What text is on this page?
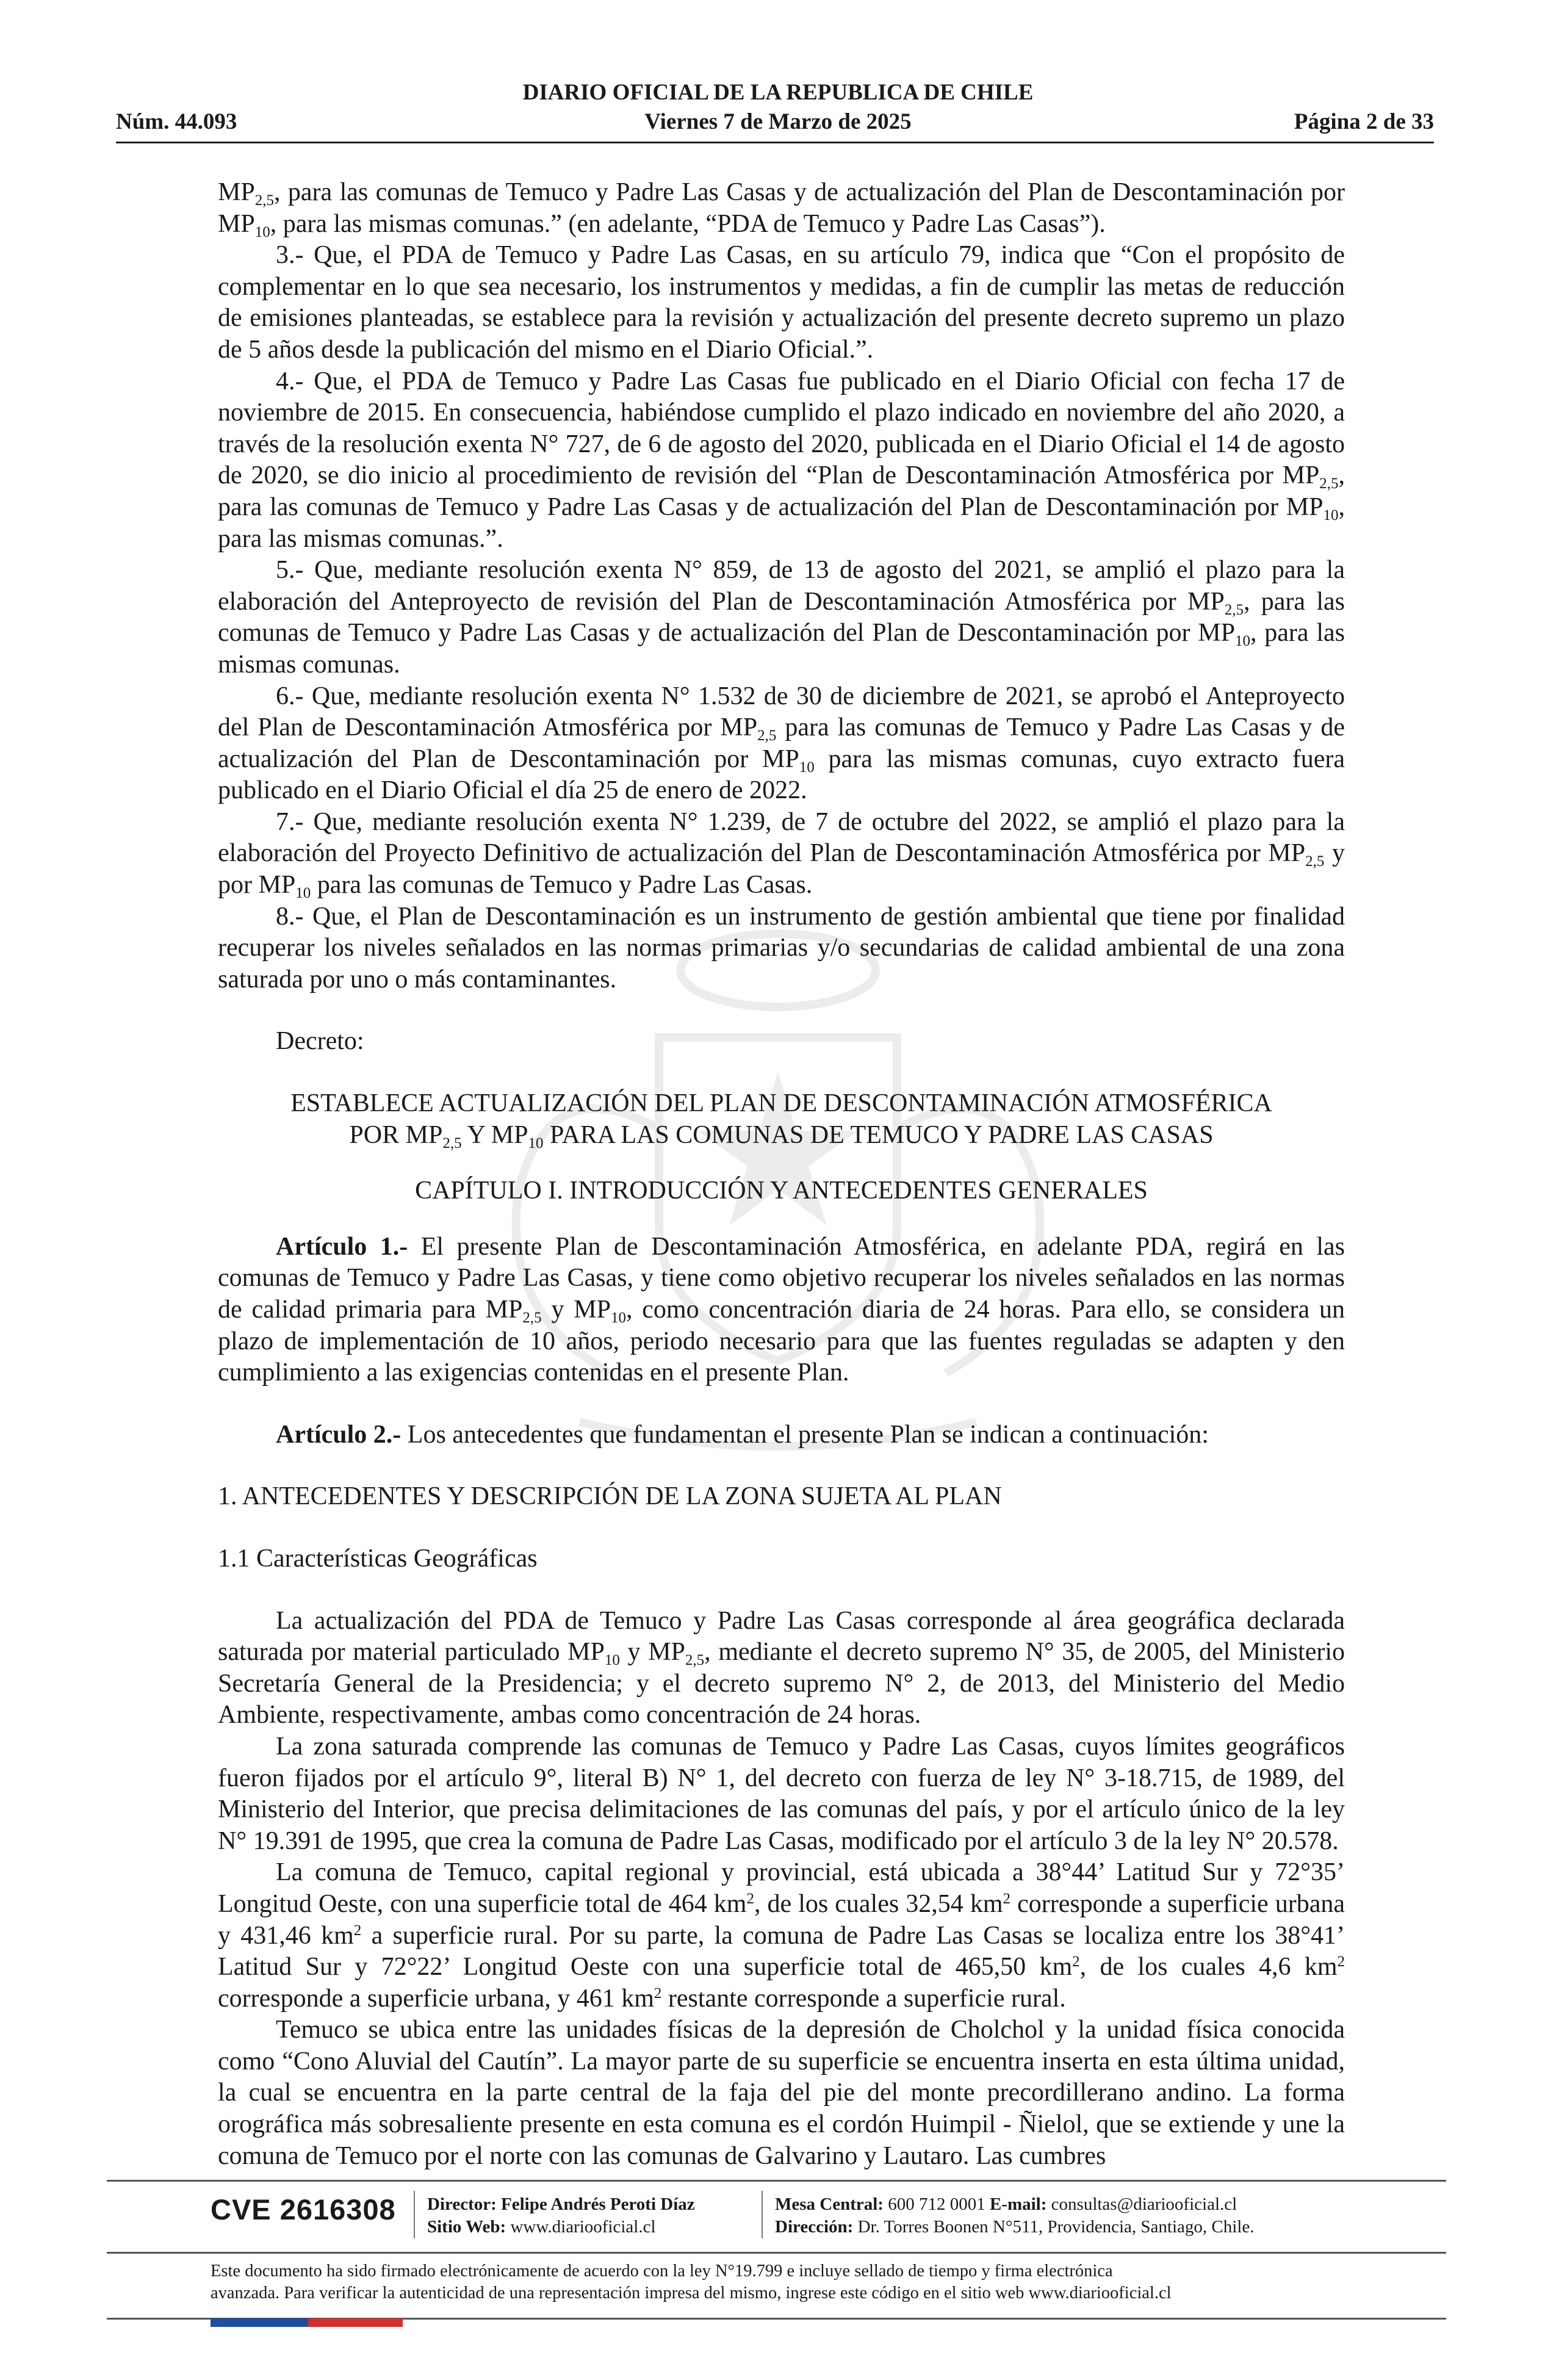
DIARIO OFICIAL DE LA REPUBLICA DE CHILE
Viernes 7 de Marzo de 2025
Núm. 44.093	Página 2 de 33

$MP_{2,5}$, para las comunas de Temuco y Padre Las Casas y de actualización del Plan de Descontaminación por $MP_{10}$, para las mismas comunas.” (en adelante, “PDA de Temuco y Padre Las Casas”).

3.- Que, el PDA de Temuco y Padre Las Casas, en su artículo 79, indica que “Con el propósito de complementar en lo que sea necesario, los instrumentos y medidas, a fin de cumplir las metas de reducción de emisiones planteadas, se establece para la revisión y actualización del presente decreto supremo un plazo de 5 años desde la publicación del mismo en el Diario Oficial.”.

4.- Que, el PDA de Temuco y Padre Las Casas fue publicado en el Diario Oficial con fecha 17 de noviembre de 2015. En consecuencia, habiéndose cumplido el plazo indicado en noviembre del año 2020, a través de la resolución exenta N° 727, de 6 de agosto del 2020, publicada en el Diario Oficial el 14 de agosto de 2020, se dio inicio al procedimiento de revisión del “Plan de Descontaminación Atmosférica por $MP_{2,5}$, para las comunas de Temuco y Padre Las Casas y de actualización del Plan de Descontaminación por $MP_{10}$, para las mismas comunas.”.

5.- Que, mediante resolución exenta N° 859, de 13 de agosto del 2021, se amplió el plazo para la elaboración del Anteproyecto de revisión del Plan de Descontaminación Atmosférica por $MP_{2,5}$, para las comunas de Temuco y Padre Las Casas y de actualización del Plan de Descontaminación por $MP_{10}$, para las mismas comunas.

6.- Que, mediante resolución exenta N° 1.532 de 30 de diciembre de 2021, se aprobó el Anteproyecto del Plan de Descontaminación Atmosférica por $MP_{2,5}$ para las comunas de Temuco y Padre Las Casas y de actualización del Plan de Descontaminación por $MP_{10}$ para las mismas comunas, cuyo extracto fuera publicado en el Diario Oficial el día 25 de enero de 2022.

7.- Que, mediante resolución exenta N° 1.239, de 7 de octubre del 2022, se amplió el plazo para la elaboración del Proyecto Definitivo de actualización del Plan de Descontaminación Atmosférica por $MP_{2,5}$ y por $MP_{10}$ para las comunas de Temuco y Padre Las Casas.

8.- Que, el Plan de Descontaminación es un instrumento de gestión ambiental que tiene por finalidad recuperar los niveles señalados en las normas primarias y/o secundarias de calidad ambiental de una zona saturada por uno o más contaminantes.

Decreto:

ESTABLECE ACTUALIZACIÓN DEL PLAN DE DESCONTAMINACIÓN ATMOSFÉRICA
POR $MP_{2,5}$ Y $MP_{10}$ PARA LAS COMUNAS DE TEMUCO Y PADRE LAS CASAS

CAPÍTULO I. INTRODUCCIÓN Y ANTECEDENTES GENERALES

Artículo 1.- El presente Plan de Descontaminación Atmosférica, en adelante PDA, regirá en las comunas de Temuco y Padre Las Casas, y tiene como objetivo recuperar los niveles señalados en las normas de calidad primaria para $MP_{2,5}$ y $MP_{10}$, como concentración diaria de 24 horas. Para ello, se considera un plazo de implementación de 10 años, periodo necesario para que las fuentes reguladas se adapten y den cumplimiento a las exigencias contenidas en el presente Plan.

Artículo 2.- Los antecedentes que fundamentan el presente Plan se indican a continuación:

1. ANTECEDENTES Y DESCRIPCIÓN DE LA ZONA SUJETA AL PLAN

1.1 Características Geográficas

La actualización del PDA de Temuco y Padre Las Casas corresponde al área geográfica declarada saturada por material particulado $MP_{10}$ y $MP_{2,5}$, mediante el decreto supremo N° 35, de 2005, del Ministerio Secretaría General de la Presidencia; y el decreto supremo N° 2, de 2013, del Ministerio del Medio Ambiente, respectivamente, ambas como concentración de 24 horas.

La zona saturada comprende las comunas de Temuco y Padre Las Casas, cuyos límites geográficos fueron fijados por el artículo 9°, literal B) N° 1, del decreto con fuerza de ley N° 3-18.715, de 1989, del Ministerio del Interior, que precisa delimitaciones de las comunas del país, y por el artículo único de la ley N° 19.391 de 1995, que crea la comuna de Padre Las Casas, modificado por el artículo 3 de la ley N° 20.578.

La comuna de Temuco, capital regional y provincial, está ubicada a 38°44’ Latitud Sur y 72°35’ Longitud Oeste, con una superficie total de 464 $km^2$, de los cuales 32,54 $km^2$ corresponde a superficie urbana y 431,46 $km^2$ a superficie rural. Por su parte, la comuna de Padre Las Casas se localiza entre los 38°41’ Latitud Sur y 72°22’ Longitud Oeste con una superficie total de 465,50 $km^2$, de los cuales 4,6 $km^2$ corresponde a superficie urbana, y 461 $km^2$ restante corresponde a superficie rural.

Temuco se ubica entre las unidades físicas de la depresión de Cholchol y la unidad física conocida como “Cono Aluvial del Cautín”. La mayor parte de su superficie se encuentra inserta en esta última unidad, la cual se encuentra en la parte central de la faja del pie del monte precordillerano andino. La forma orográfica más sobresaliente presente en esta comuna es el cordón Huimpil - Ñielol, que se extiende y une la comuna de Temuco por el norte con las comunas de Galvarino y Lautaro. Las cumbres

CVE 2616308 Director: Felipe Andrés Peroti Díaz
Sitio Web: www.diariooficial.cl
Mesa Central: 600 712 0001 E-mail: consultas@diariooficial.cl
Dirección: Dr. Torres Boonen N°511, Providencia, Santiago, Chile.
Este documento ha sido firmado electrónicamente de acuerdo con la ley N°19.799 e incluye sellado de tiempo y firma electrónica
avanzada. Para verificar la autenticidad de una representación impresa del mismo, ingrese este código en el sitio web www.diariooficial.cl
